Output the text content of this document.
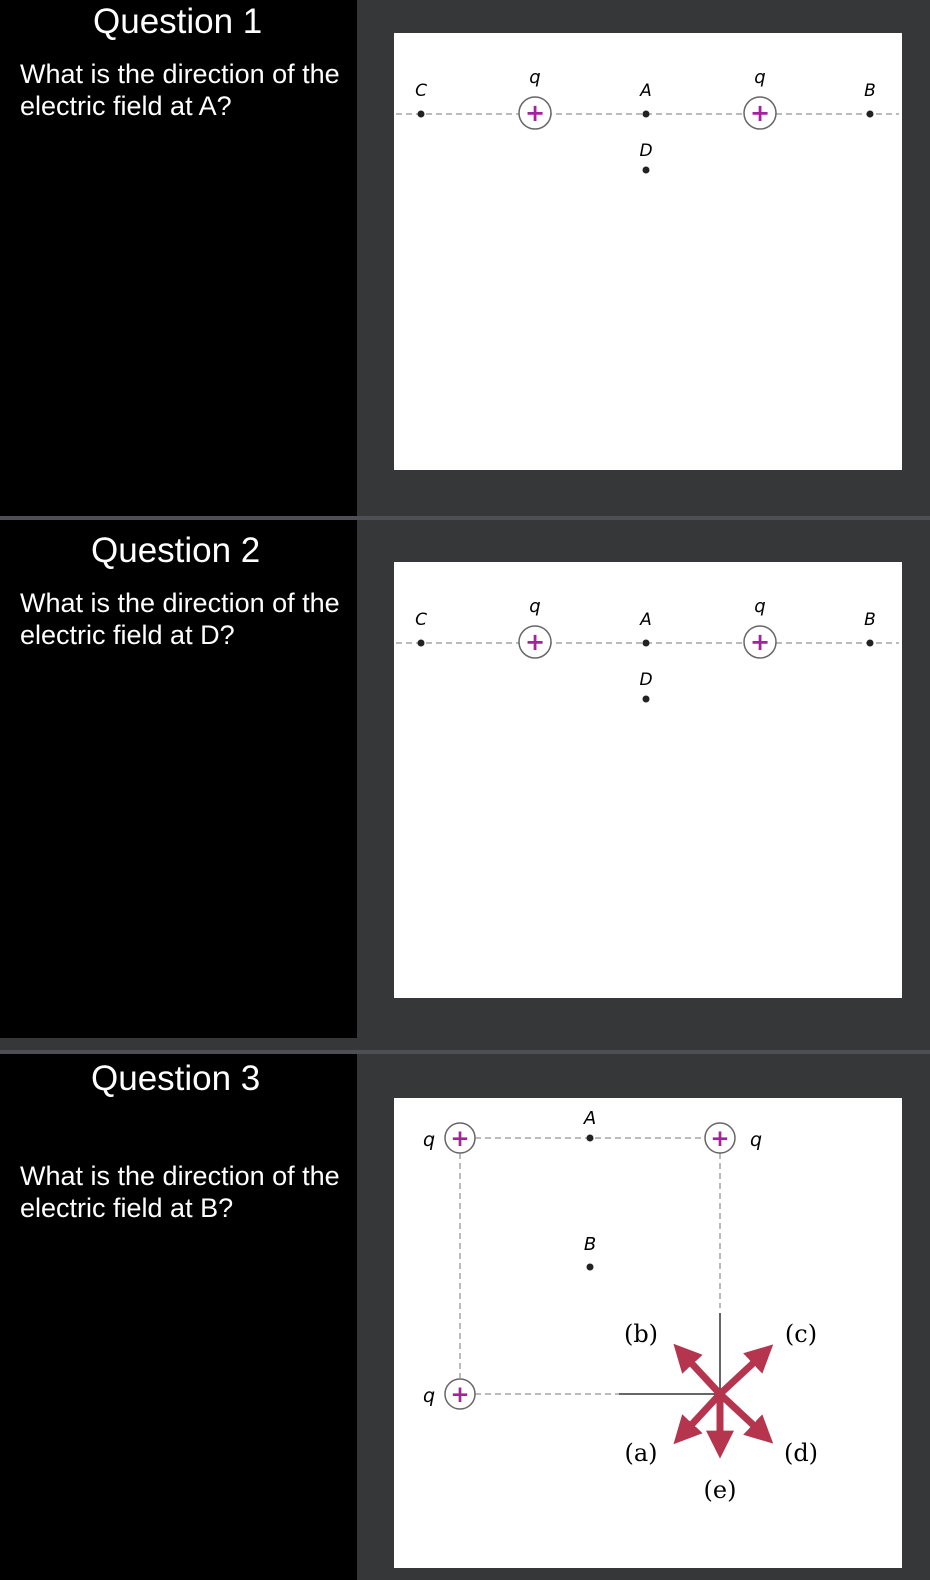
Question 1
What is the direction of the electric field at A?	+	+
C
q
A
q
B
D
Question 2
What is the direction of the electric field at D?	+	+
C
q
A
q
B
D
Question 3
What is the direction of the electric field at B?
+	+
+
q	q
q
A
B
(b)	(c)
(a)	(d)
(e)
